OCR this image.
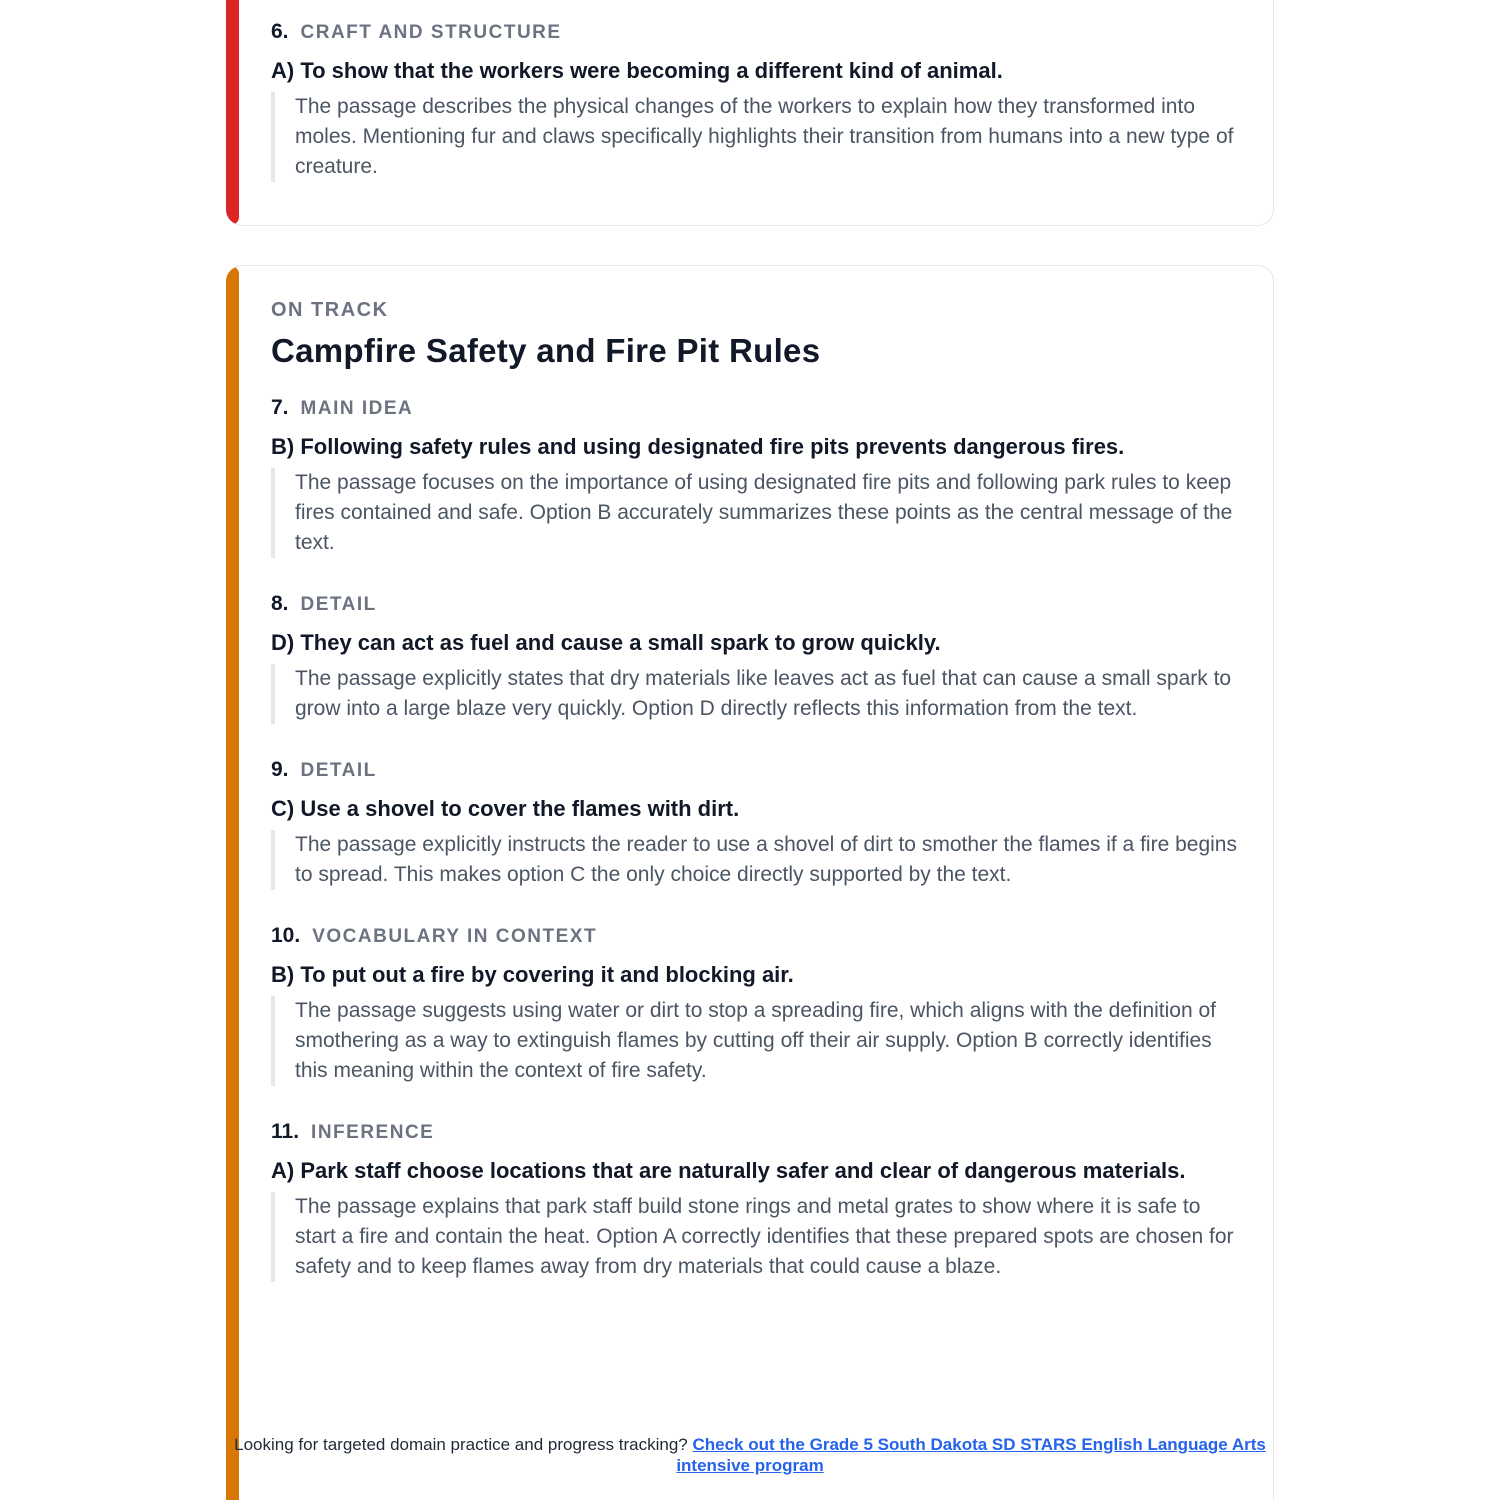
6. CRAFT AND STRUCTURE
A) To show that the workers were becoming a different kind of animal.
The passage describes the physical changes of the workers to explain how they transformed into moles. Mentioning fur and claws specifically highlights their transition from humans into a new type of creature.
ON TRACK
Campfire Safety and Fire Pit Rules
7. MAIN IDEA
B) Following safety rules and using designated fire pits prevents dangerous fires.
The passage focuses on the importance of using designated fire pits and following park rules to keep fires contained and safe. Option B accurately summarizes these points as the central message of the text.
8. DETAIL
D) They can act as fuel and cause a small spark to grow quickly.
The passage explicitly states that dry materials like leaves act as fuel that can cause a small spark to grow into a large blaze very quickly. Option D directly reflects this information from the text.
9. DETAIL
C) Use a shovel to cover the flames with dirt.
The passage explicitly instructs the reader to use a shovel of dirt to smother the flames if a fire begins to spread. This makes option C the only choice directly supported by the text.
10. VOCABULARY IN CONTEXT
B) To put out a fire by covering it and blocking air.
The passage suggests using water or dirt to stop a spreading fire, which aligns with the definition of smothering as a way to extinguish flames by cutting off their air supply. Option B correctly identifies this meaning within the context of fire safety.
11. INFERENCE
A) Park staff choose locations that are naturally safer and clear of dangerous materials.
The passage explains that park staff build stone rings and metal grates to show where it is safe to start a fire and contain the heat. Option A correctly identifies that these prepared spots are chosen for safety and to keep flames away from dry materials that could cause a blaze.
Looking for targeted domain practice and progress tracking? Check out the Grade 5 South Dakota SD STARS English Language Arts intensive program
